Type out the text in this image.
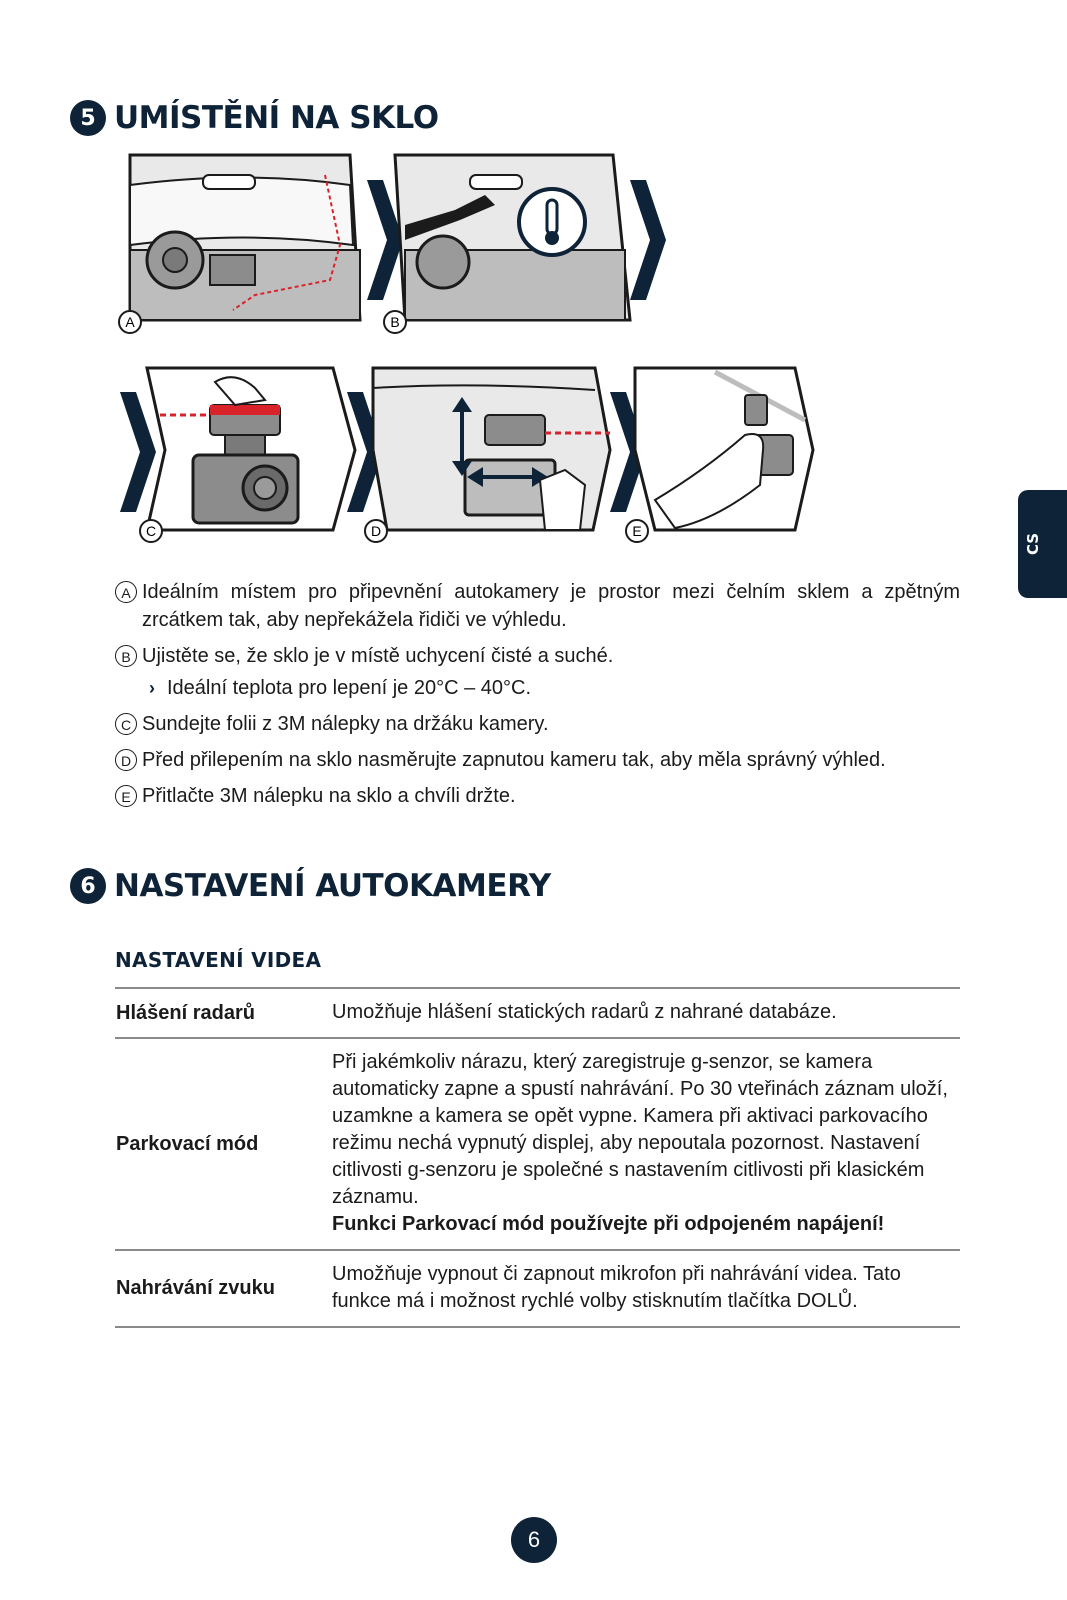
5 UMÍSTĚNÍ NA SKLO
CS
A	B
C	D	E
A Ideálním místem pro připevnění autokamery je prostor mezi čelním sklem a zpětným zrcátkem tak, aby nepřekážela řidiči ve výhledu.
B Ujistěte se, že sklo je v místě uchycení čisté a suché.
› Ideální teplota pro lepení je 20°C – 40°C.
C Sundejte folii z 3M nálepky na držáku kamery.
D Před přilepením na sklo nasměrujte zapnutou kameru tak, aby měla správný výhled.
E Přitlačte 3M nálepku na sklo a chvíli držte.
6 NASTAVENÍ AUTOKAMERY
NASTAVENÍ VIDEA
Hlášení radarů	Umožňuje hlášení statických radarů z nahrané databáze.
Parkovací mód	Při jakémkoliv nárazu, který zaregistruje g-senzor, se kamera automaticky zapne a spustí nahrávání. Po 30 vteřinách záznam uloží, uzamkne a kamera se opět vypne. Kamera při aktivaci parkovacího režimu nechá vypnutý displej, aby nepoutala pozornost. Nastavení citlivosti g-senzoru je společné s nastavením citlivosti při klasickém záznamu.
Funkci Parkovací mód používejte při odpojeném napájení!

Nahrávání zvuku	Umožňuje vypnout či zapnout mikrofon při nahrávání videa. Tato funkce má i možnost rychlé volby stisknutím tlačítka DOLŮ.
6
